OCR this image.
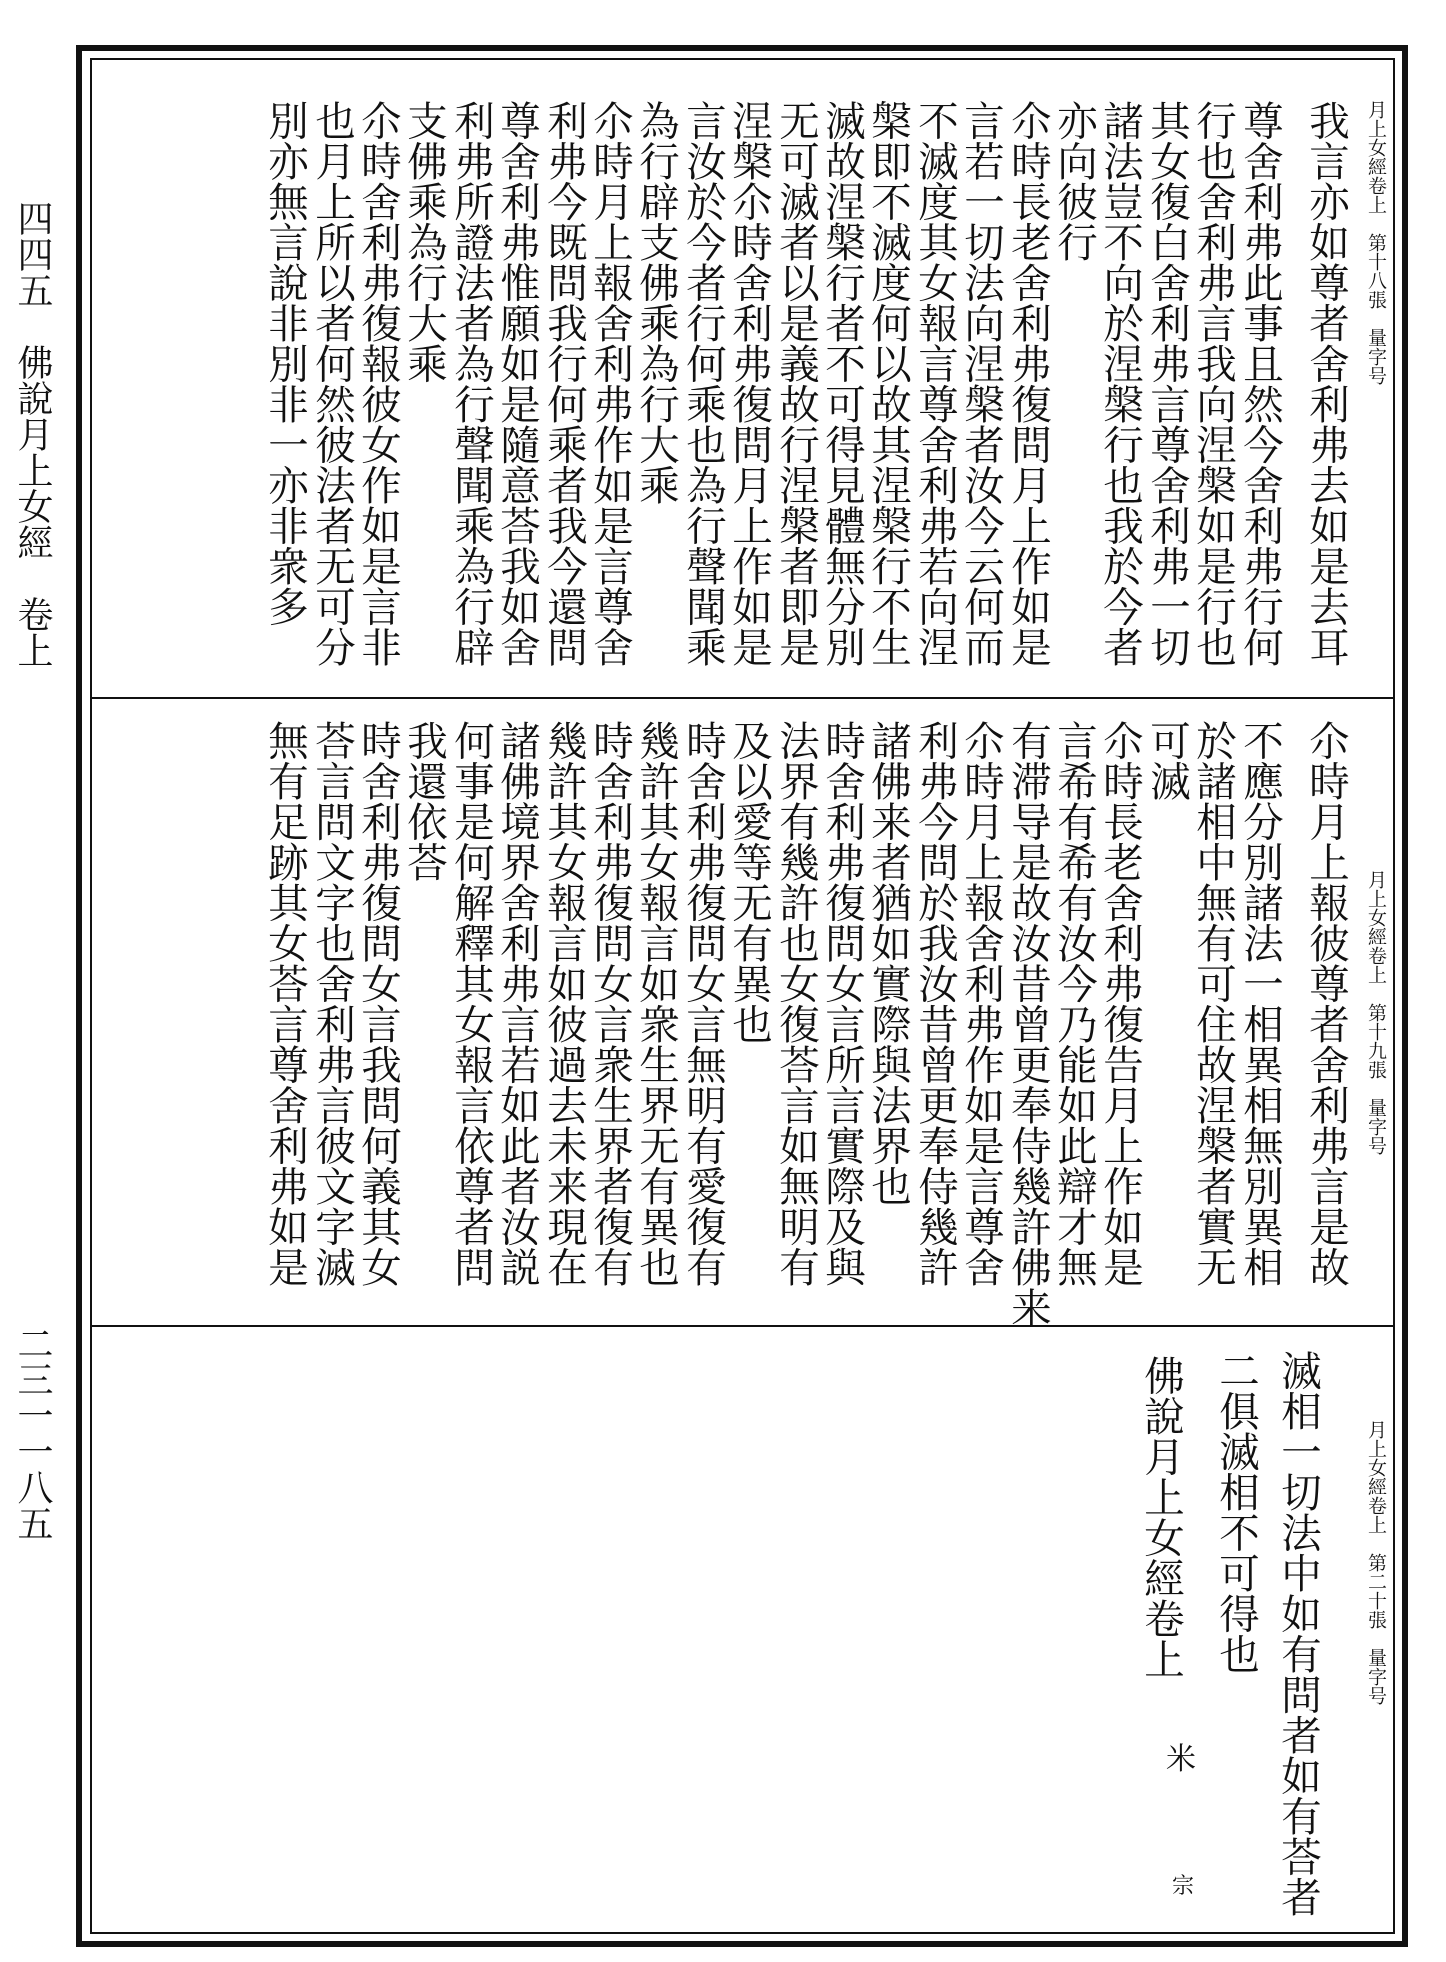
四四五　佛說月上女經　卷上
二三一一八五
月上女經卷上　第十八張　量字号
我言亦如尊者舍利弗去如是去耳
尊舍利弗此事且然今舍利弗行何
行也舍利弗言我向涅槃如是行也
其女復白舍利弗言尊舍利弗一切
諸法豈不向於涅槃行也我於今者
亦向彼行
尒時長老舍利弗復問月上作如是
言若一切法向涅槃者汝今云何而
不滅度其女報言尊舍利弗若向涅
槃即不滅度何以故其涅槃行不生
滅故涅槃行者不可得見體無分別
无可滅者以是義故行涅槃者即是
涅槃尒時舍利弗復問月上作如是
言汝於今者行何乘也為行聲聞乘
為行辟支佛乘為行大乘
尒時月上報舍利弗作如是言尊舍
利弗今既問我行何乘者我今還問
尊舍利弗惟願如是隨意荅我如舍
利弗所證法者為行聲聞乘為行辟
支佛乘為行大乘
尒時舍利弗復報彼女作如是言非
也月上所以者何然彼法者无可分
別亦無言說非別非一亦非衆多
月上女經卷上　第十九張　量字号
尒時月上報彼尊者舍利弗言是故
不應分別諸法一相異相無別異相
於諸相中無有可住故涅槃者實无
可滅
尒時長老舍利弗復告月上作如是
言希有希有汝今乃能如此辯才無
有滞导是故汝昔曾更奉侍幾許佛来
尒時月上報舍利弗作如是言尊舍
利弗今問於我汝昔曾更奉侍幾許
諸佛来者猶如實際與法界也
時舍利弗復問女言所言實際及與
法界有幾許也女復荅言如無明有
及以愛等无有異也
時舍利弗復問女言無明有愛復有
幾許其女報言如衆生界无有異也
時舍利弗復問女言衆生界者復有
幾許其女報言如彼過去未来現在
諸佛境界舍利弗言若如此者汝説
何事是何解釋其女報言依尊者問
我還依荅
時舍利弗復問女言我問何義其女
荅言問文字也舍利弗言彼文字滅
無有足跡其女荅言尊舍利弗如是
佛說月上女經卷上
米
宗
月上女經卷上　第二十張　量字号
滅相一切法中如有問者如有荅者
二俱滅相不可得也
